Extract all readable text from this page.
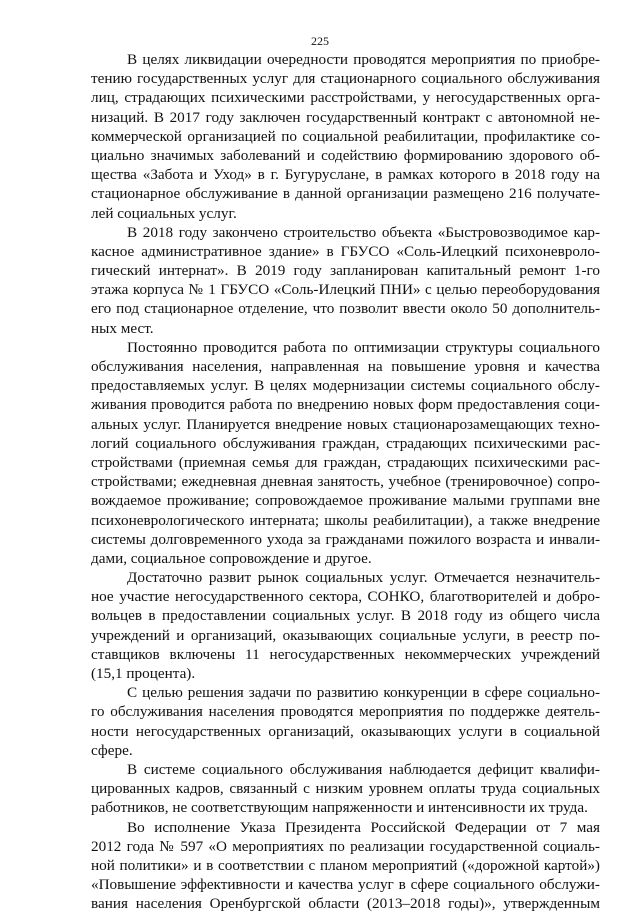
225

В целях ликвидации очередности проводятся мероприятия по приобре-
тению государственных услуг для стационарного социального обслуживания
лиц, страдающих психическими расстройствами, у негосударственных орга-
низаций. В 2017 году заключен государственный контракт с автономной не-
коммерческой организацией по социальной реабилитации, профилактике со-
циально значимых заболеваний и содействию формированию здорового об-
щества «Забота и Уход» в г. Бугуруслане, в рамках которого в 2018 году на
стационарное обслуживание в данной организации размещено 216 получате-
лей социальных услуг.

В 2018 году закончено строительство объекта «Быстровозводимое кар-
касное административное здание» в ГБУСО «Соль-Илецкий психоневроло-
гический интернат». В 2019 году запланирован капитальный ремонт 1-го
этажа корпуса № 1 ГБУСО «Соль-Илецкий ПНИ» с целью переоборудования
его под стационарное отделение, что позволит ввести около 50 дополнитель-
ных мест.

Постоянно проводится работа по оптимизации структуры социального
обслуживания населения, направленная на повышение уровня и качества
предоставляемых услуг. В целях модернизации системы социального обслу-
живания проводится работа по внедрению новых форм предоставления соци-
альных услуг. Планируется внедрение новых стационарозамещающих техно-
логий социального обслуживания граждан, страдающих психическими рас-
стройствами (приемная семья для граждан, страдающих психическими рас-
стройствами; ежедневная дневная занятость, учебное (тренировочное) сопро-
вождаемое проживание; сопровождаемое проживание малыми группами вне
психоневрологического интерната; школы реабилитации), а также внедрение
системы долговременного ухода за гражданами пожилого возраста и инвали-
дами, социальное сопровождение и другое.

Достаточно развит рынок социальных услуг. Отмечается незначитель-
ное участие негосударственного сектора, СОНКО, благотворителей и добро-
вольцев в предоставлении социальных услуг. В 2018 году из общего числа
учреждений и организаций, оказывающих социальные услуги, в реестр по-
ставщиков включены 11 негосударственных некоммерческих учреждений
(15,1 процента).

С целью решения задачи по развитию конкуренции в сфере социально-
го обслуживания населения проводятся мероприятия по поддержке деятель-
ности негосударственных организаций, оказывающих услуги в социальной
сфере.

В системе социального обслуживания наблюдается дефицит квалифи-
цированных кадров, связанный с низким уровнем оплаты труда социальных
работников, не соответствующим напряженности и интенсивности их труда.

Во исполнение Указа Президента Российской Федерации от 7 мая
2012 года № 597 «О мероприятиях по реализации государственной социаль-
ной политики» и в соответствии с планом мероприятий («дорожной картой»)
«Повышение эффективности и качества услуг в сфере социального обслужи-
вания населения Оренбургской области (2013–2018 годы)», утвержденным
